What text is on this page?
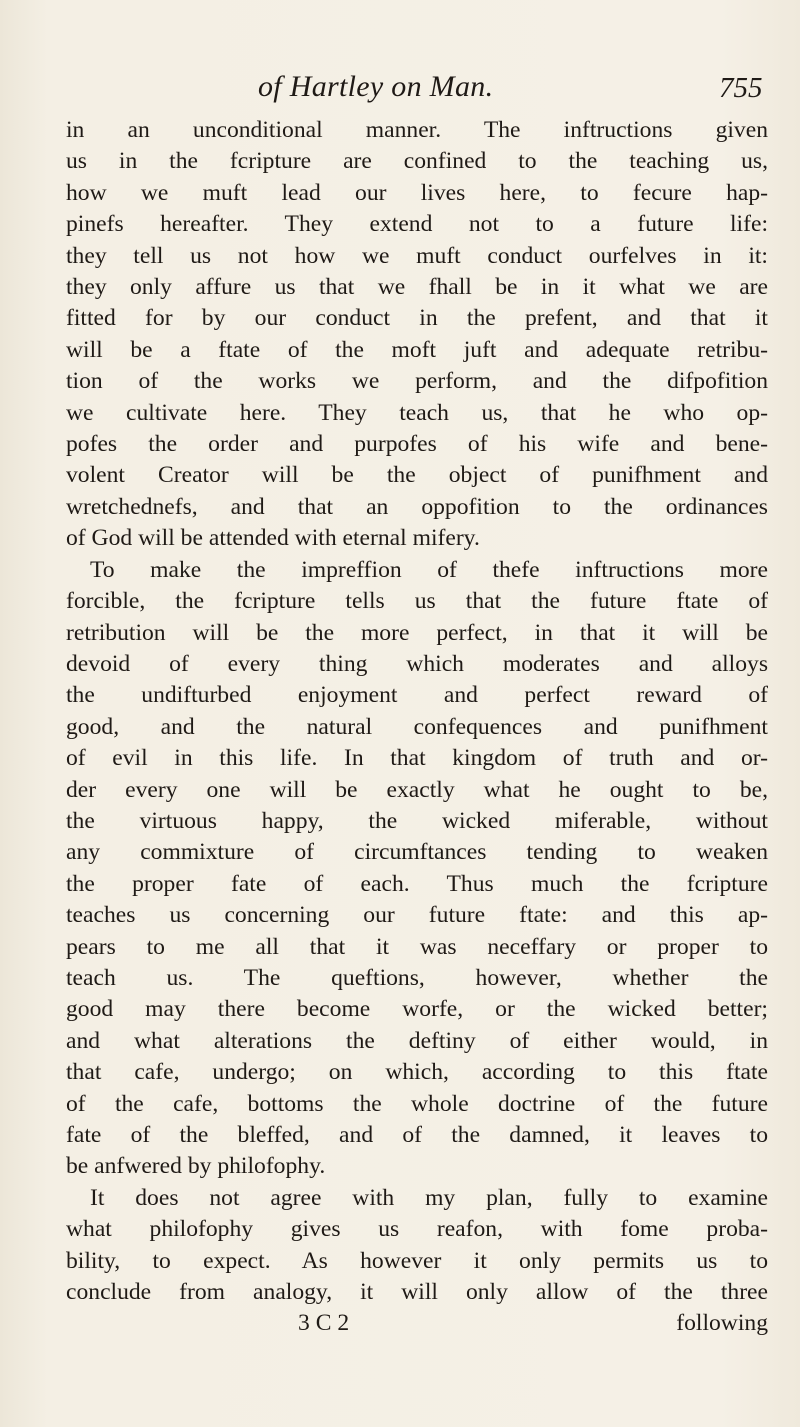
of Hartley on Man.	755
in an unconditional manner. The inftructions given
us in the fcripture are confined to the teaching us,
how we muft lead our lives here, to fecure hap-
pinefs hereafter. They extend not to a future life:
they tell us not how we muft conduct ourfelves in it:
they only affure us that we fhall be in it what we are
fitted for by our conduct in the prefent, and that it
will be a ftate of the moft juft and adequate retribu-
tion of the works we perform, and the difpofition
we cultivate here. They teach us, that he who op-
pofes the order and purpofes of his wife and bene-
volent Creator will be the object of punifhment and
wretchednefs, and that an oppofition to the ordinances
of God will be attended with eternal mifery.
To make the impreffion of thefe inftructions more
forcible, the fcripture tells us that the future ftate of
retribution will be the more perfect, in that it will be
devoid of every thing which moderates and alloys
the undifturbed enjoyment and perfect reward of
good, and the natural confequences and punifhment
of evil in this life. In that kingdom of truth and or-
der every one will be exactly what he ought to be,
the virtuous happy, the wicked miferable, without
any commixture of circumftances tending to weaken
the proper fate of each. Thus much the fcripture
teaches us concerning our future ftate: and this ap-
pears to me all that it was neceffary or proper to
teach us. The queftions, however, whether the
good may there become worfe, or the wicked better;
and what alterations the deftiny of either would, in
that cafe, undergo; on which, according to this ftate
of the cafe, bottoms the whole doctrine of the future
fate of the bleffed, and of the damned, it leaves to
be anfwered by philofophy.
It does not agree with my plan, fully to examine
what philofophy gives us reafon, with fome proba-
bility, to expect. As however it only permits us to
conclude from analogy, it will only allow of the three
3 C 2	following
